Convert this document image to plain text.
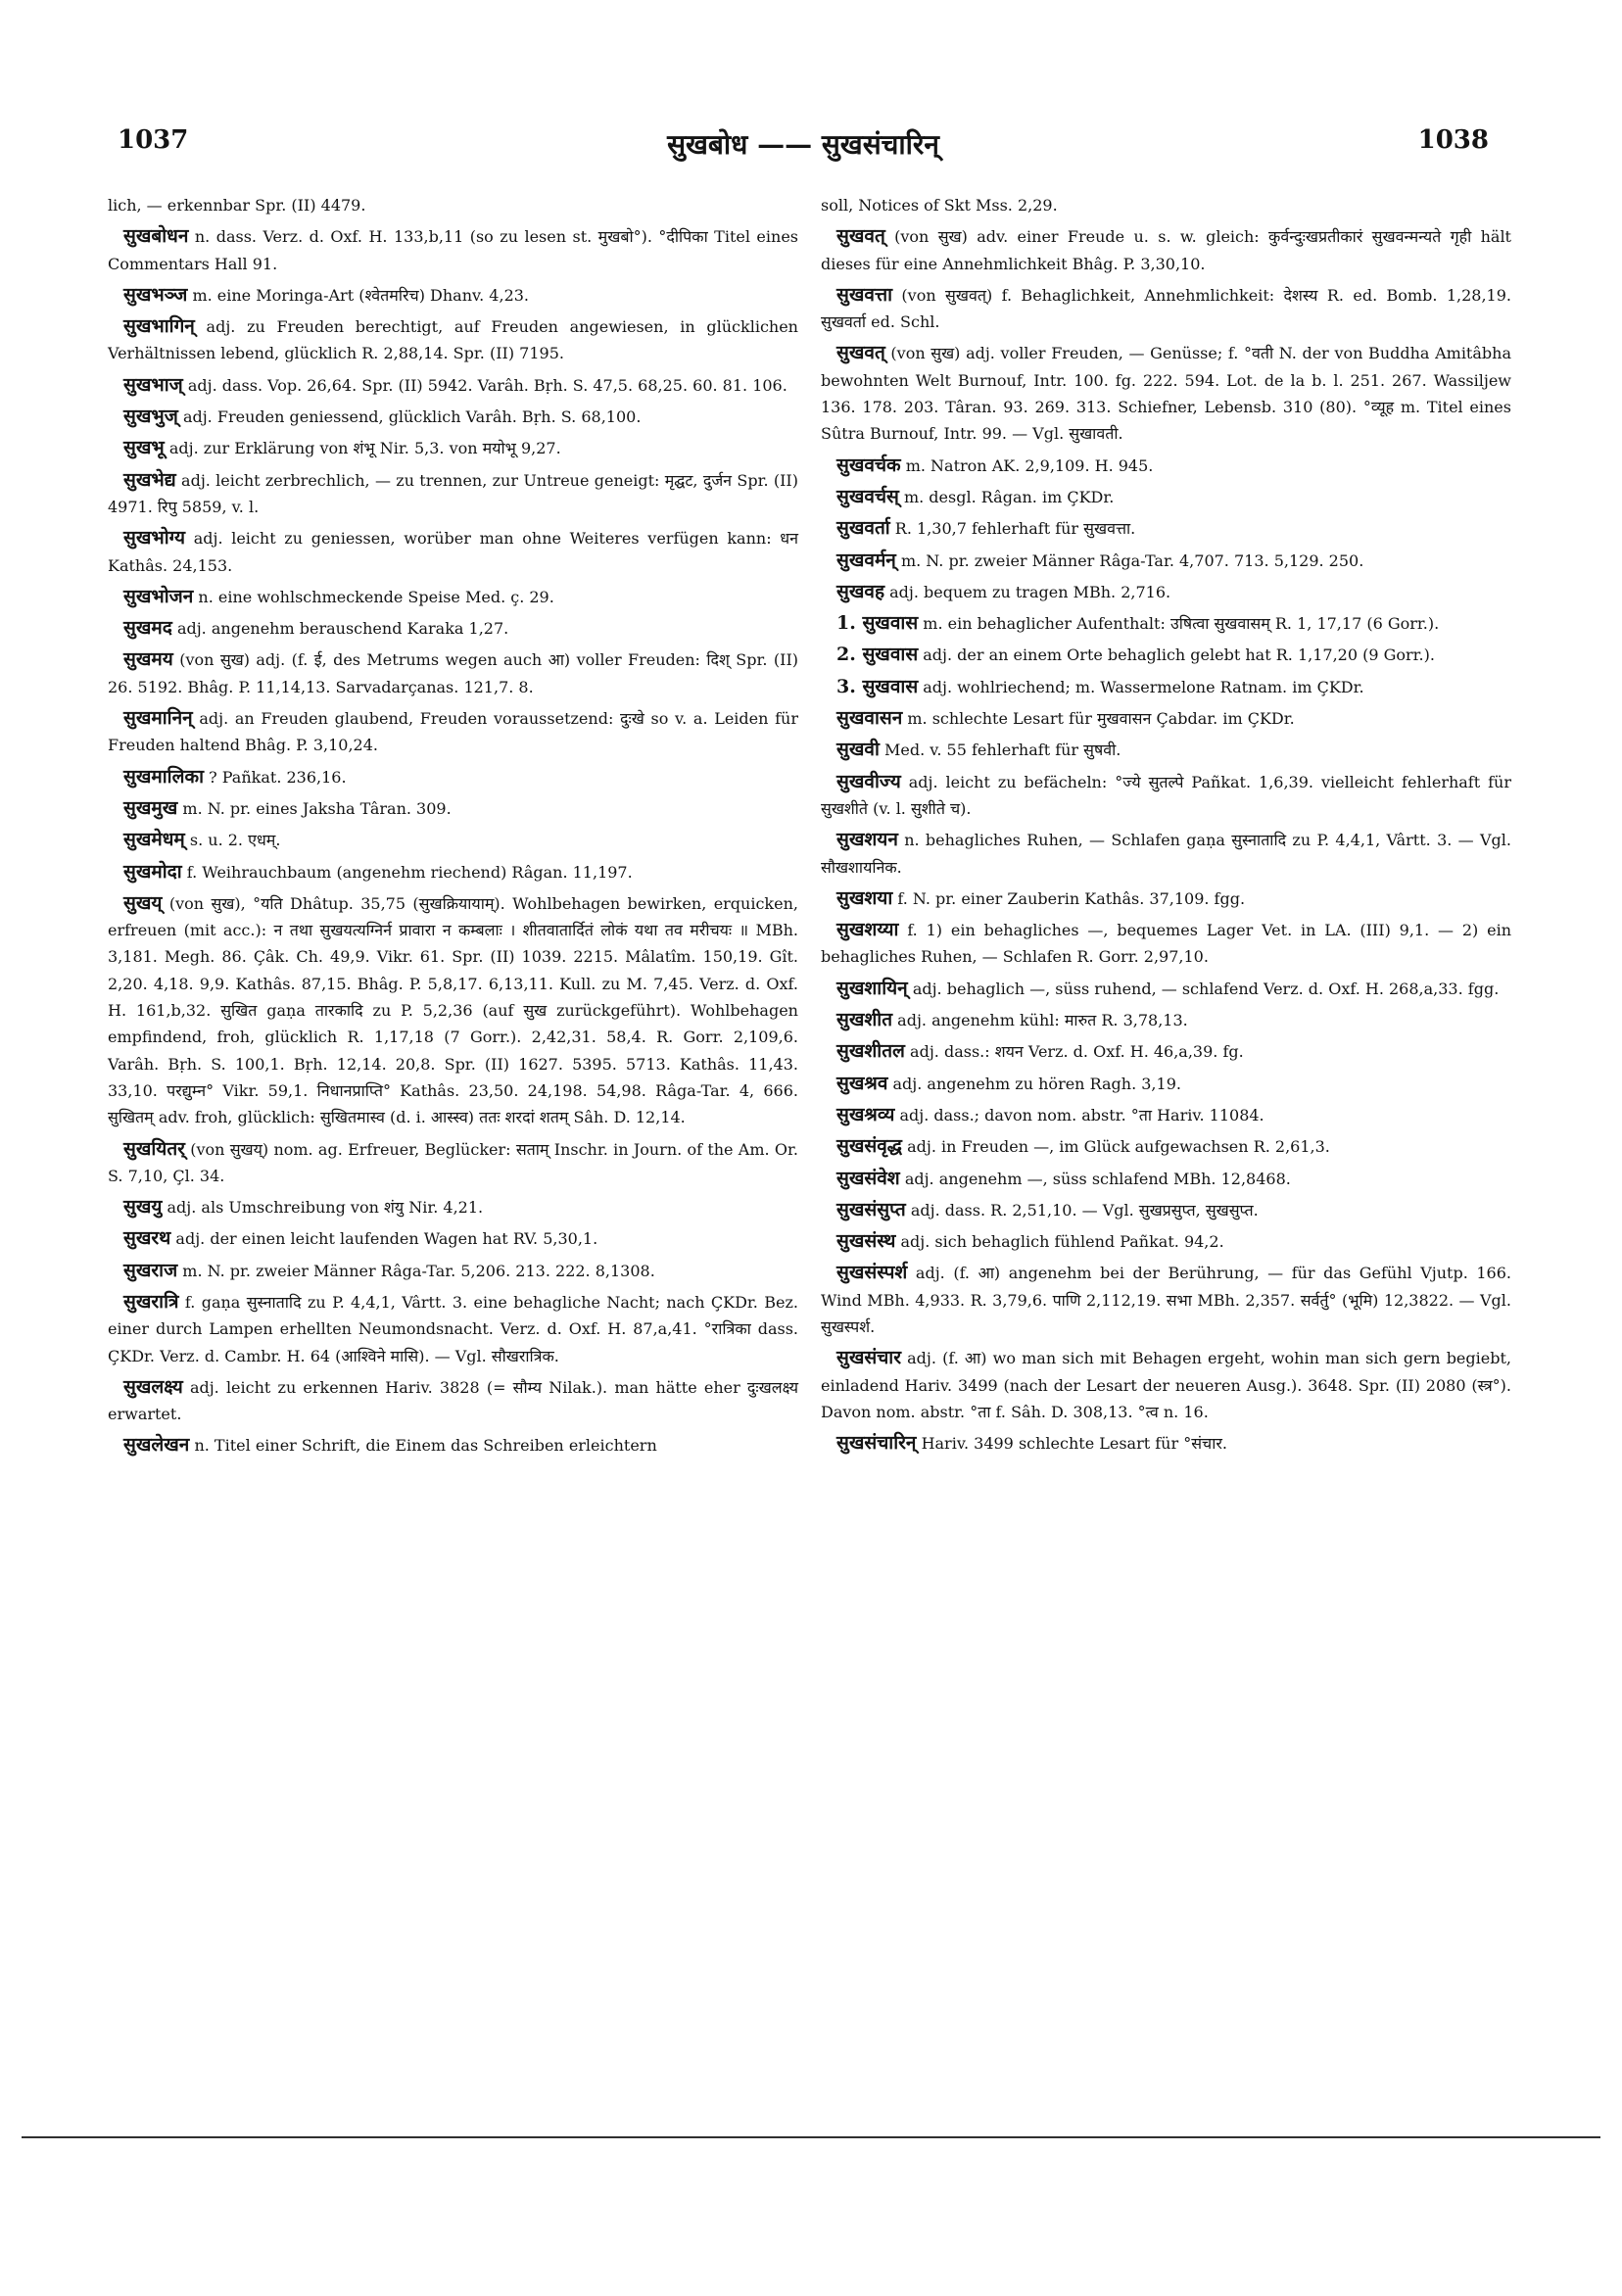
1037	सुखबोध —— सुखसंचारिन्	1038

lich, — erkennbar Spr. (II) 4479.

सुखबोधन n. dass. Verz. d. Oxf. H. 133,b,11 (so zu lesen st. मुखबो°). °दीपिका Titel eines Commentars Hall 91.

सुखभञ्ज m. eine Moringa-Art (श्वेतमरिच) Dhanv. 4,23.

सुखभागिन् adj. zu Freuden berechtigt, auf Freuden angewiesen, in glücklichen Verhältnissen lebend, glücklich R. 2,88,14. Spr. (II) 7195.

सुखभाज् adj. dass. Vop. 26,64. Spr. (II) 5942. Varâh. Bṛh. S. 47,5. 68,25. 60. 81. 106.

सुखभुज् adj. Freuden geniessend, glücklich Varâh. Bṛh. S. 68,100.

सुखभू adj. zur Erklärung von शंभू Nir. 5,3. von मयोभू 9,27.

सुखभेद्य adj. leicht zerbrechlich, — zu trennen, zur Untreue geneigt: मृद्घट, दुर्जन Spr. (II) 4971. रिपु 5859, v. l.

सुखभोग्य adj. leicht zu geniessen, worüber man ohne Weiteres verfügen kann: धन Kathâs. 24,153.

सुखभोजन n. eine wohlschmeckende Speise Med. ç. 29.

सुखमद adj. angenehm berauschend Karaka 1,27.

सुखमय (von सुख) adj. (f. ई, des Metrums wegen auch आ) voller Freuden: दिश् Spr. (II) 26. 5192. Bhâg. P. 11,14,13. Sarvadarçanas. 121,7. 8.

सुखमानिन् adj. an Freuden glaubend, Freuden voraussetzend: दुःखे so v. a. Leiden für Freuden haltend Bhâg. P. 3,10,24.

सुखमालिका ? Pañkat. 236,16.

सुखमुख m. N. pr. eines Jaksha Târan. 309.

सुखमेधम् s. u. 2. एधम्.

सुखमोदा f. Weihrauchbaum (angenehm riechend) Râgan. 11,197.

सुखय् (von सुख), °यति Dhâtup. 35,75 (सुखक्रियायाम्). Wohlbehagen bewirken, erquicken, erfreuen (mit acc.): न तथा सुखयत्यग्निर्न प्रावारा न कम्बलाः । शीतवातार्दितं लोकं यथा तव मरीचयः ॥ MBh. 3,181. Megh. 86. Çâk. Ch. 49,9. Vikr. 61. Spr. (II) 1039. 2215. Mâlatîm. 150,19. Gît. 2,20. 4,18. 9,9. Kathâs. 87,15. Bhâg. P. 5,8,17. 6,13,11. Kull. zu M. 7,45. Verz. d. Oxf. H. 161,b,32. सुखित gaṇa तारकादि zu P. 5,2,36 (auf सुख zurückgeführt). Wohlbehagen empfindend, froh, glücklich R. 1,17,18 (7 Gorr.). 2,42,31. 58,4. R. Gorr. 2,109,6. Varâh. Bṛh. S. 100,1. Bṛh. 12,14. 20,8. Spr. (II) 1627. 5395. 5713. Kathâs. 11,43. 33,10. परद्युम्न° Vikr. 59,1. निधानप्राप्ति° Kathâs. 23,50. 24,198. 54,98. Râga-Tar. 4, 666. सुखितम् adv. froh, glücklich: सुखितमास्व (d. i. आस्स्व) ततः शरदां शतम् Sâh. D. 12,14.

सुखयितर् (von सुखय्) nom. ag. Erfreuer, Beglücker: सताम् Inschr. in Journ. of the Am. Or. S. 7,10, Çl. 34.

सुखयु adj. als Umschreibung von शंयु Nir. 4,21.

सुखरथ adj. der einen leicht laufenden Wagen hat RV. 5,30,1.

सुखराज m. N. pr. zweier Männer Râga-Tar. 5,206. 213. 222. 8,1308.

सुखरात्रि f. gaṇa सुस्नातादि zu P. 4,4,1, Vârtt. 3. eine behagliche Nacht; nach ÇKDr. Bez. einer durch Lampen erhellten Neumondsnacht. Verz. d. Oxf. H. 87,a,41. °रात्रिका dass. ÇKDr. Verz. d. Cambr. H. 64 (आश्विने मासि). — Vgl. सौखरात्रिक.

सुखलक्ष्य adj. leicht zu erkennen Hariv. 3828 (= सौम्य Nilak.). man hätte eher दुःखलक्ष्य erwartet.

सुखलेखन n. Titel einer Schrift, die Einem das Schreiben erleichtern

soll, Notices of Skt Mss. 2,29.

सुखवत् (von सुख) adv. einer Freude u. s. w. gleich: कुर्वन्दुःखप्रतीकारं सुखवन्मन्यते गृही hält dieses für eine Annehmlichkeit Bhâg. P. 3,30,10.

सुखवत्ता (von सुखवत्) f. Behaglichkeit, Annehmlichkeit: देशस्य R. ed. Bomb. 1,28,19. सुखवर्ता ed. Schl.

सुखवत् (von सुख) adj. voller Freuden, — Genüsse; f. °वती N. der von Buddha Amitâbha bewohnten Welt Burnouf, Intr. 100. fg. 222. 594. Lot. de la b. l. 251. 267. Wassiljew 136. 178. 203. Târan. 93. 269. 313. Schiefner, Lebensb. 310 (80). °व्यूह m. Titel eines Sûtra Burnouf, Intr. 99. — Vgl. सुखावती.

सुखवर्चक m. Natron AK. 2,9,109. H. 945.

सुखवर्चस् m. desgl. Râgan. im ÇKDr.

सुखवर्ता R. 1,30,7 fehlerhaft für सुखवत्ता.

सुखवर्मन् m. N. pr. zweier Männer Râga-Tar. 4,707. 713. 5,129. 250.

सुखवह adj. bequem zu tragen MBh. 2,716.

1. सुखवास m. ein behaglicher Aufenthalt: उषित्वा सुखवासम् R. 1, 17,17 (6 Gorr.).

2. सुखवास adj. der an einem Orte behaglich gelebt hat R. 1,17,20 (9 Gorr.).

3. सुखवास adj. wohlriechend; m. Wassermelone Ratnam. im ÇKDr.

सुखवासन m. schlechte Lesart für मुखवासन Çabdar. im ÇKDr.

सुखवी Med. v. 55 fehlerhaft für सुषवी.

सुखवीज्य adj. leicht zu befächeln: °ज्ये सुतल्पे Pañkat. 1,6,39. vielleicht fehlerhaft für सुखशीते (v. l. सुशीते च).

सुखशयन n. behagliches Ruhen, — Schlafen gaṇa सुस्नातादि zu P. 4,4,1, Vârtt. 3. — Vgl. सौखशायनिक.

सुखशया f. N. pr. einer Zauberin Kathâs. 37,109. fgg.

सुखशय्या f. 1) ein behagliches —, bequemes Lager Vet. in LA. (III) 9,1. — 2) ein behagliches Ruhen, — Schlafen R. Gorr. 2,97,10.

सुखशायिन् adj. behaglich —, süss ruhend, — schlafend Verz. d. Oxf. H. 268,a,33. fgg.

सुखशीत adj. angenehm kühl: मारुत R. 3,78,13.

सुखशीतल adj. dass.: शयन Verz. d. Oxf. H. 46,a,39. fg.

सुखश्रव adj. angenehm zu hören Ragh. 3,19.

सुखश्रव्य adj. dass.; davon nom. abstr. °ता Hariv. 11084.

सुखसंवृद्ध adj. in Freuden —, im Glück aufgewachsen R. 2,61,3.

सुखसंवेश adj. angenehm —, süss schlafend MBh. 12,8468.

सुखसंसुप्त adj. dass. R. 2,51,10. — Vgl. सुखप्रसुप्त, सुखसुप्त.

सुखसंस्थ adj. sich behaglich fühlend Pañkat. 94,2.

सुखसंस्पर्श adj. (f. आ) angenehm bei der Berührung, — für das Gefühl Vjutp. 166. Wind MBh. 4,933. R. 3,79,6. पाणि 2,112,19. सभा MBh. 2,357. सर्वर्तु° (भूमि) 12,3822. — Vgl. सुखस्पर्श.

सुखसंचार adj. (f. आ) wo man sich mit Behagen ergeht, wohin man sich gern begiebt, einladend Hariv. 3499 (nach der Lesart der neueren Ausg.). 3648. Spr. (II) 2080 (स्त्र°). Davon nom. abstr. °ता f. Sâh. D. 308,13. °त्व n. 16.

सुखसंचारिन् Hariv. 3499 schlechte Lesart für °संचार.
